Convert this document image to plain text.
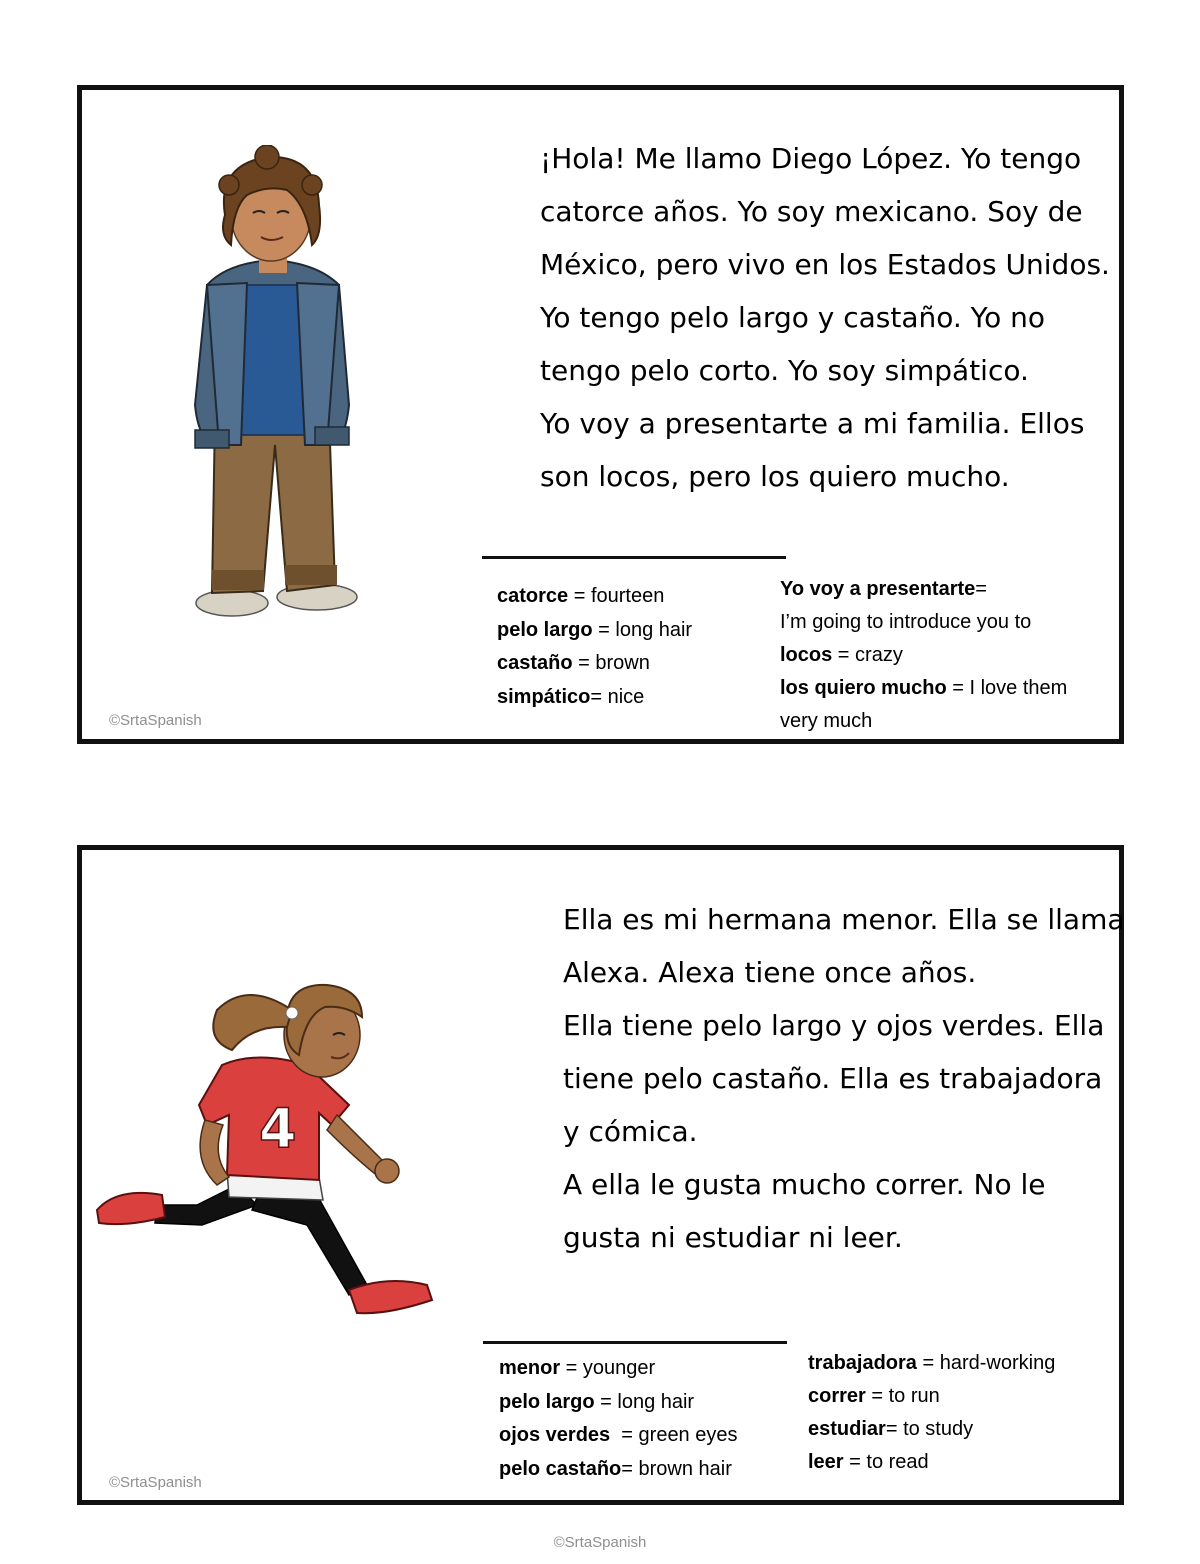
¡Hola! Me llamo Diego López. Yo tengo catorce años. Yo soy mexicano. Soy de México, pero vivo en los Estados Unidos.

Yo tengo pelo largo y castaño. Yo no tengo pelo corto. Yo soy simpático.

Yo voy a presentarte a mi familia. Ellos son locos, pero los quiero mucho.

catorce = fourteen
pelo largo = long hair
castaño = brown
simpático= nice
Yo voy a presentarte=
I’m going to introduce you to
locos = crazy
los quiero mucho = I love them
very much
©SrtaSpanish
4

Ella es mi hermana menor. Ella se llama Alexa. Alexa tiene once años.

Ella tiene pelo largo y ojos verdes. Ella tiene pelo castaño. Ella es trabajadora y cómica.

A ella le gusta mucho correr. No le gusta ni estudiar ni leer.

menor = younger
pelo largo = long hair
ojos verdes  = green eyes
pelo castaño= brown hair
trabajadora = hard-working
correr = to run
estudiar= to study
leer = to read
©SrtaSpanish
©SrtaSpanish
